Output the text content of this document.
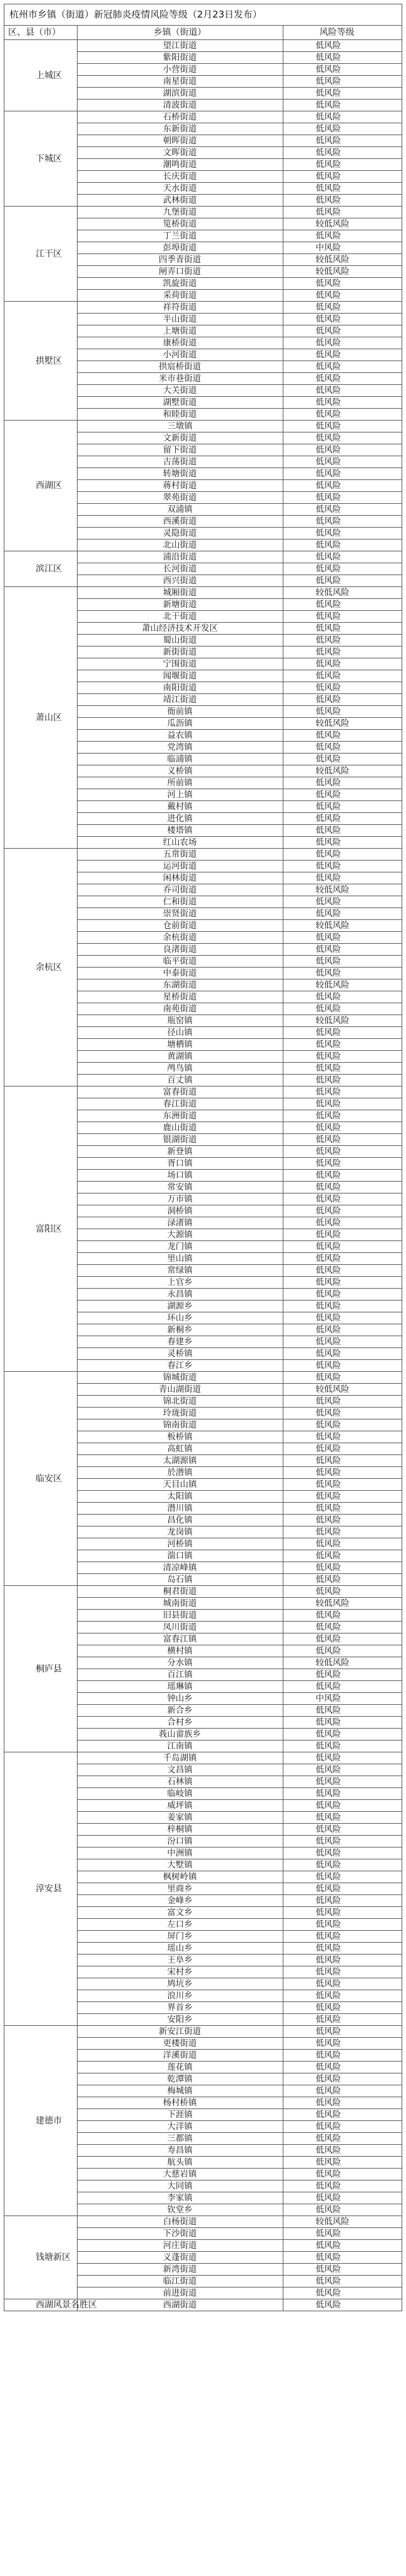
杭州市乡镇（街道）新冠肺炎疫情风险等级（2月23日发布）
区、县（市）	乡镇（街道）	风险等级
上城区	望江街道	低风险
	紫阳街道	低风险
	小营街道	低风险
	南星街道	低风险
	湖滨街道	低风险
	清波街道	低风险
下城区	石桥街道	低风险
	东新街道	低风险
	朝晖街道	低风险
	文晖街道	低风险
	潮鸣街道	低风险
	长庆街道	低风险
	天水街道	低风险
	武林街道	低风险
江干区	九堡街道	低风险
	笕桥街道	较低风险
	丁兰街道	低风险
	彭埠街道	中风险
	四季青街道	较低风险
	闸弄口街道	较低风险
	凯旋街道	低风险
	采荷街道	低风险
拱墅区	祥符街道	低风险
	半山街道	低风险
	上塘街道	低风险
	康桥街道	低风险
	小河街道	低风险
	拱宸桥街道	低风险
	米市巷街道	低风险
	大关街道	低风险
	湖墅街道	低风险
	和睦街道	低风险
西湖区	三墩镇	低风险
	文新街道	低风险
	留下街道	低风险
	古荡街道	低风险
	转塘街道	低风险
	蒋村街道	低风险
	翠苑街道	低风险
	双浦镇	低风险
	西溪街道	低风险
	灵隐街道	低风险
	北山街道	低风险
滨江区	浦沿街道	低风险
	长河街道	低风险
	西兴街道	低风险
萧山区	城厢街道	较低风险
	新塘街道	低风险
	北干街道	低风险
	萧山经济技术开发区	低风险
	蜀山街道	低风险
	新街街道	低风险
	宁围街道	低风险
	闻堰街道	低风险
	南阳街道	低风险
	靖江街道	低风险
	衙前镇	低风险
	瓜沥镇	较低风险
	益农镇	低风险
	党湾镇	低风险
	临浦镇	低风险
	义桥镇	较低风险
	所前镇	低风险
	河上镇	低风险
	戴村镇	低风险
	进化镇	低风险
	楼塔镇	低风险
	红山农场	低风险
余杭区	五常街道	低风险
	运河街道	低风险
	闲林街道	低风险
	乔司街道	较低风险
	仁和街道	低风险
	崇贤街道	低风险
	仓前街道	较低风险
	余杭街道	低风险
	良渚街道	低风险
	临平街道	低风险
	中泰街道	低风险
	东湖街道	较低风险
	星桥街道	低风险
	南苑街道	低风险
	瓶窑镇	较低风险
	径山镇	低风险
	塘栖镇	低风险
	黄湖镇	低风险
	鸬鸟镇	低风险
	百丈镇	低风险
富阳区	富春街道	低风险
	春江街道	低风险
	东洲街道	低风险
	鹿山街道	低风险
	银湖街道	低风险
	新登镇	低风险
	胥口镇	低风险
	场口镇	低风险
	常安镇	低风险
	万市镇	低风险
	洞桥镇	低风险
	渌渚镇	低风险
	大源镇	低风险
	龙门镇	低风险
	里山镇	低风险
	常绿镇	低风险
	上官乡	低风险
	永昌镇	低风险
	湖源乡	低风险
	环山乡	低风险
	新桐乡	低风险
	春建乡	低风险
	灵桥镇	低风险
	春江乡	低风险
临安区	锦城街道	低风险
	青山湖街道	较低风险
	锦北街道	低风险
	玲珑街道	低风险
	锦南街道	低风险
	板桥镇	低风险
	高虹镇	低风险
	太湖源镇	低风险
	於潜镇	低风险
	天目山镇	低风险
	太阳镇	低风险
	潜川镇	低风险
	昌化镇	低风险
	龙岗镇	低风险
	河桥镇	低风险
	湍口镇	低风险
	清凉峰镇	低风险
	岛石镇	低风险
桐庐县	桐君街道	低风险
	城南街道	较低风险
	旧县街道	低风险
	凤川街道	低风险
	富春江镇	低风险
	横村镇	低风险
	分水镇	较低风险
	百江镇	低风险
	瑶琳镇	低风险
	钟山乡	中风险
	新合乡	低风险
	合村乡	低风险
	莪山畲族乡	低风险
	江南镇	低风险
淳安县	千岛湖镇	低风险
	文昌镇	低风险
	石林镇	低风险
	临岐镇	低风险
	威坪镇	低风险
	姜家镇	低风险
	梓桐镇	低风险
	汾口镇	低风险
	中洲镇	低风险
	大墅镇	低风险
	枫树岭镇	低风险
	里商乡	低风险
	金峰乡	低风险
	富文乡	低风险
	左口乡	低风险
	屏门乡	低风险
	瑶山乡	低风险
	王阜乡	低风险
	宋村乡	低风险
	鸠坑乡	低风险
	浪川乡	低风险
	界首乡	低风险
	安阳乡	低风险
建德市	新安江街道	低风险
	更楼街道	低风险
	洋溪街道	低风险
	莲花镇	低风险
	乾潭镇	低风险
	梅城镇	低风险
	杨村桥镇	低风险
	下涯镇	低风险
	大洋镇	低风险
	三都镇	低风险
	寿昌镇	低风险
	航头镇	低风险
	大慈岩镇	低风险
	大同镇	低风险
	李家镇	低风险
	钦堂乡	低风险
钱塘新区	白杨街道	较低风险
	下沙街道	低风险
	河庄街道	低风险
	义蓬街道	低风险
	新湾街道	低风险
	临江街道	低风险
	前进街道	低风险
西湖风景名胜区	西湖街道	低风险
